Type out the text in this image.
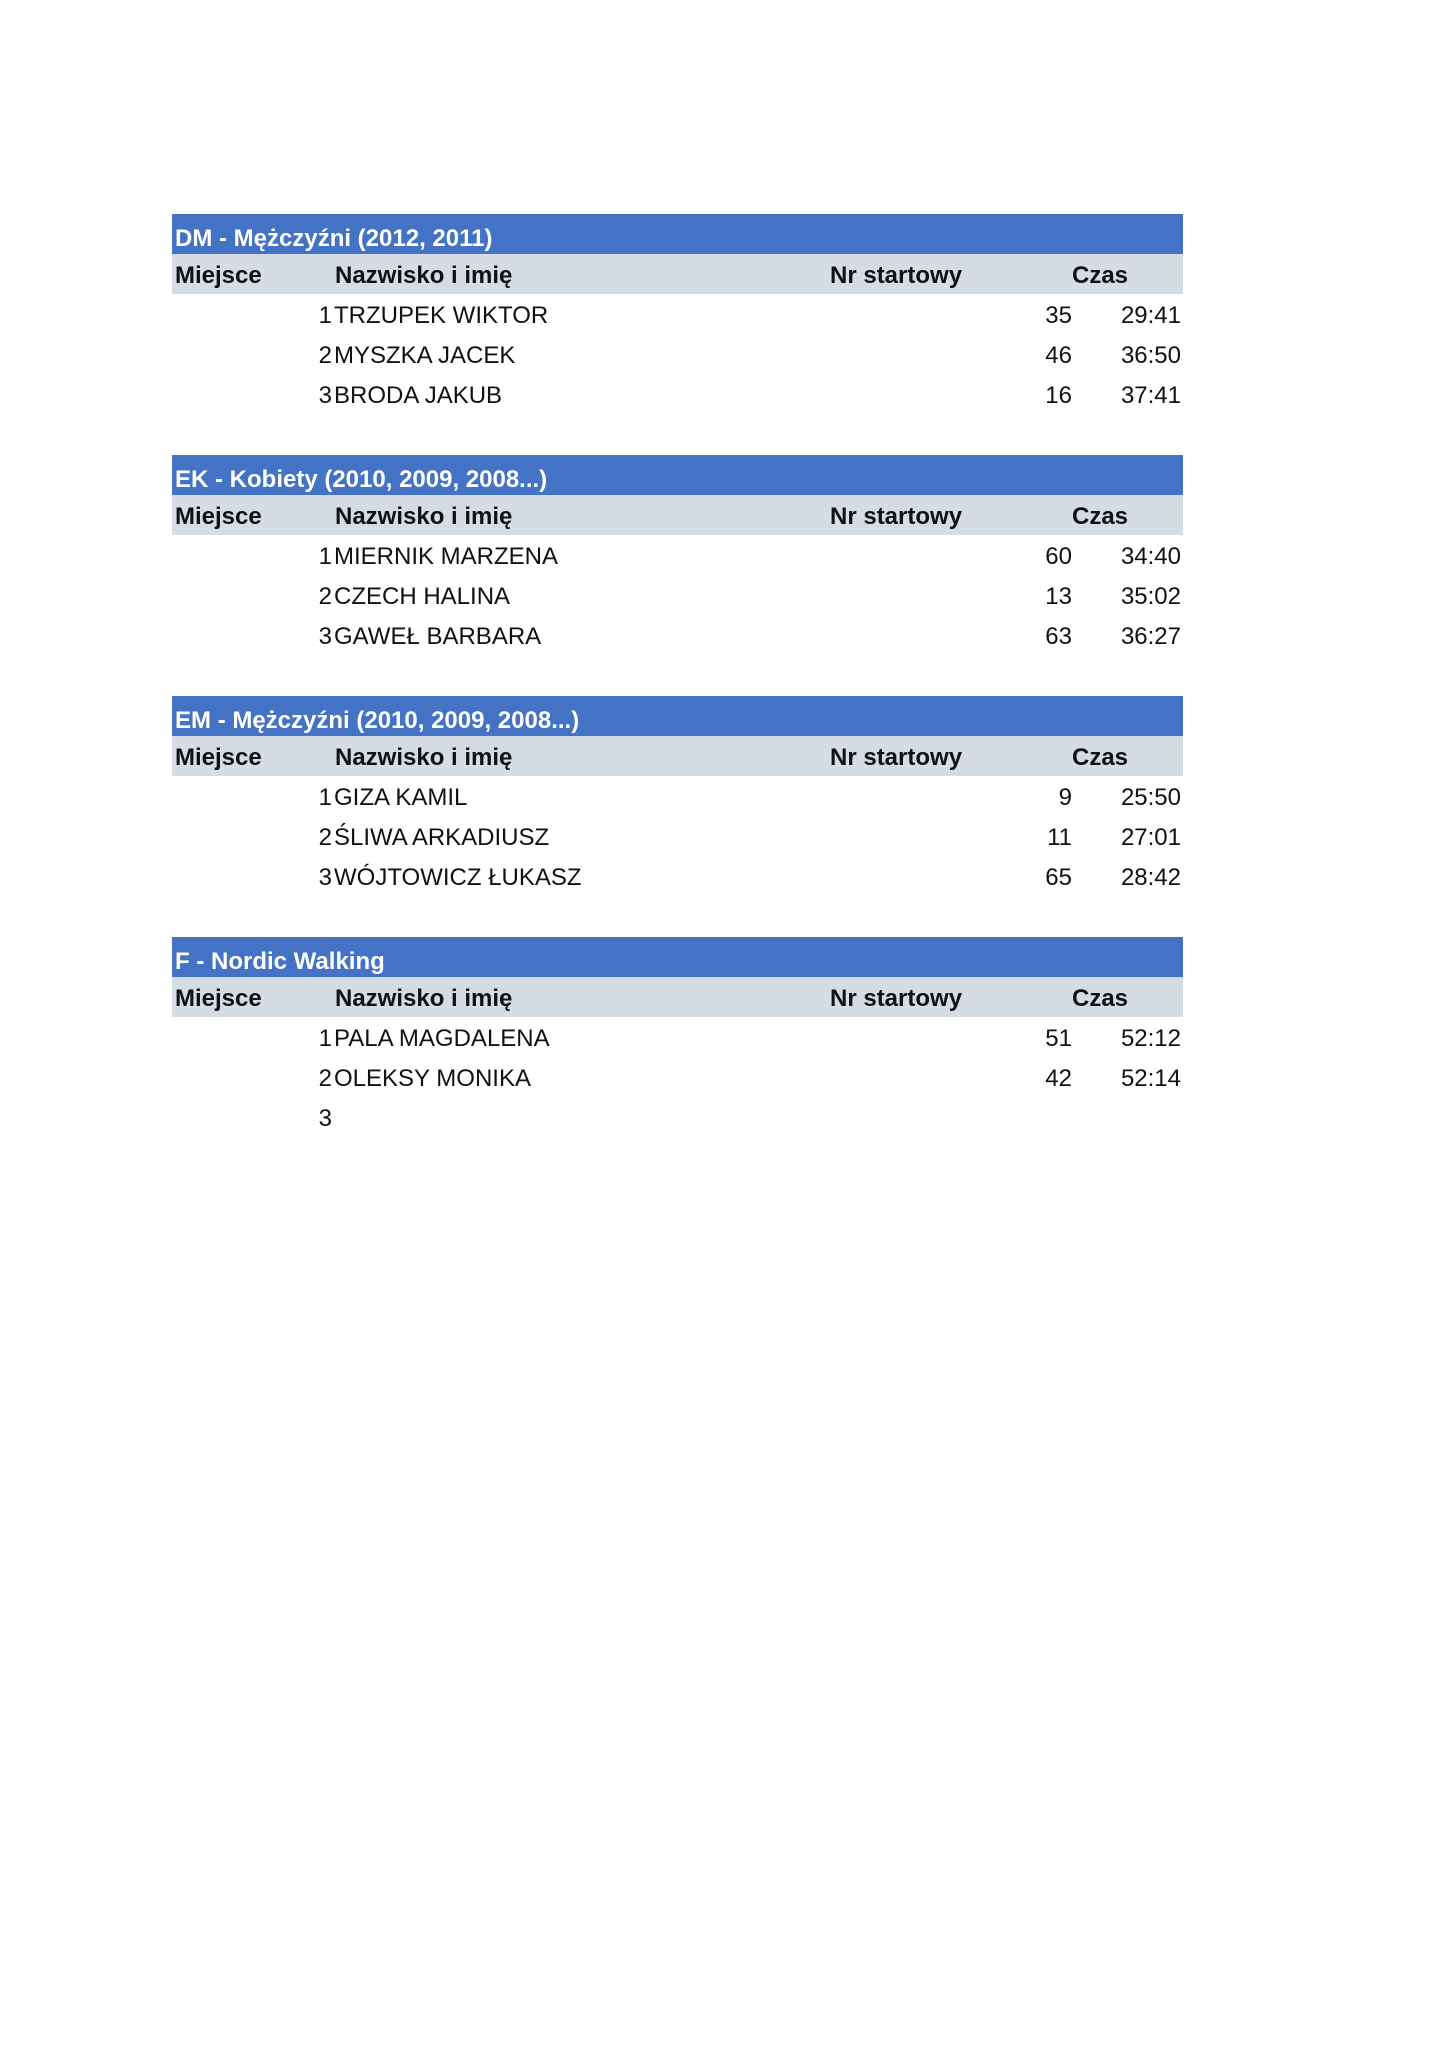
DM - Mężczyźni (2012, 2011)
Miejsce	Nazwisko i imię	Nr startowy	Czas
1 TRZUPEK WIKTOR	35 29:41
2 MYSZKA JACEK	46 36:50
3 BRODA JAKUB	16 37:41
EK - Kobiety (2010, 2009, 2008...)
Miejsce	Nazwisko i imię	Nr startowy	Czas
1 MIERNIK MARZENA	60 34:40
2 CZECH HALINA	13 35:02
3 GAWEŁ BARBARA	63 36:27
EM - Mężczyźni (2010, 2009, 2008...)
Miejsce	Nazwisko i imię	Nr startowy	Czas
1 GIZA KAMIL	9 25:50
2 ŚLIWA ARKADIUSZ	11 27:01
3 WÓJTOWICZ ŁUKASZ	65 28:42
F - Nordic Walking
Miejsce	Nazwisko i imię	Nr startowy	Czas
1 PALA MAGDALENA	51 52:12
2 OLEKSY MONIKA	42 52:14
3
